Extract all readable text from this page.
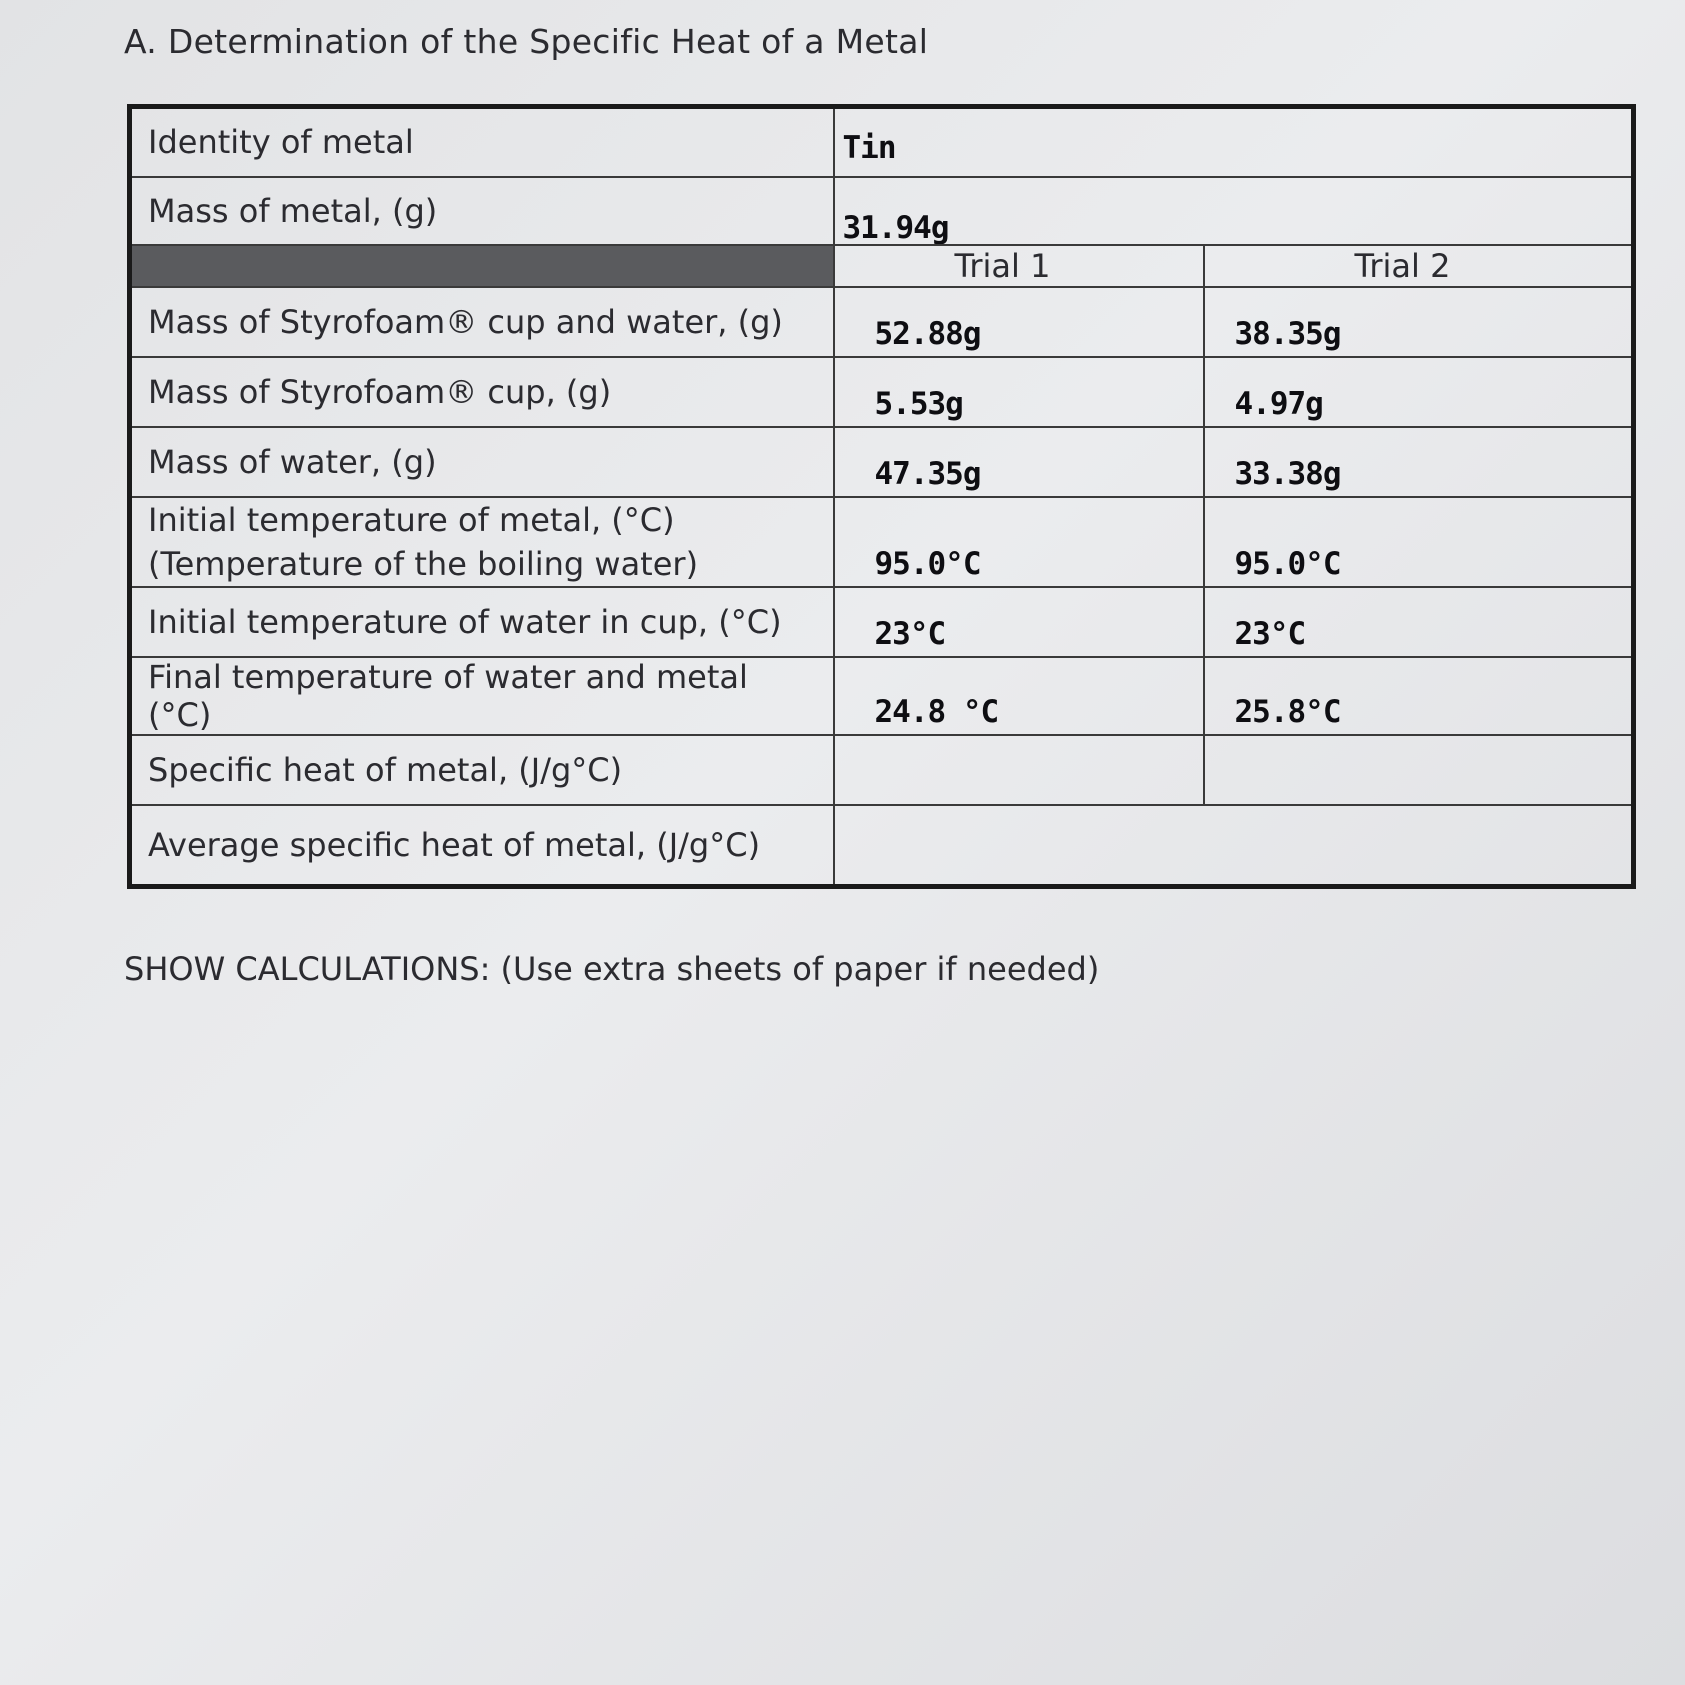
A. Determination of the Specific Heat of a Metal
Identity of metal	Tin	

Mass of metal, (g)	31.94g	

	Trial 1	Trial 2
Mass of Styrofoam® cup and water, (g)	52.88g	38.35g

Mass of Styrofoam® cup, (g)	5.53g	4.97g

Mass of water, (g)	47.35g	33.38g

Initial temperature of metal, (°C)
(Temperature of the boiling water)	95.0°C	95.0°C

Initial temperature of water in cup, (°C)	23°C	23°C

Final temperature of water and metal (°C)	24.8 °C	25.8°C

Specific heat of metal, (J/g°C)	

Average specific heat of metal, (J/g°C)		
SHOW CALCULATIONS: (Use extra sheets of paper if needed)
